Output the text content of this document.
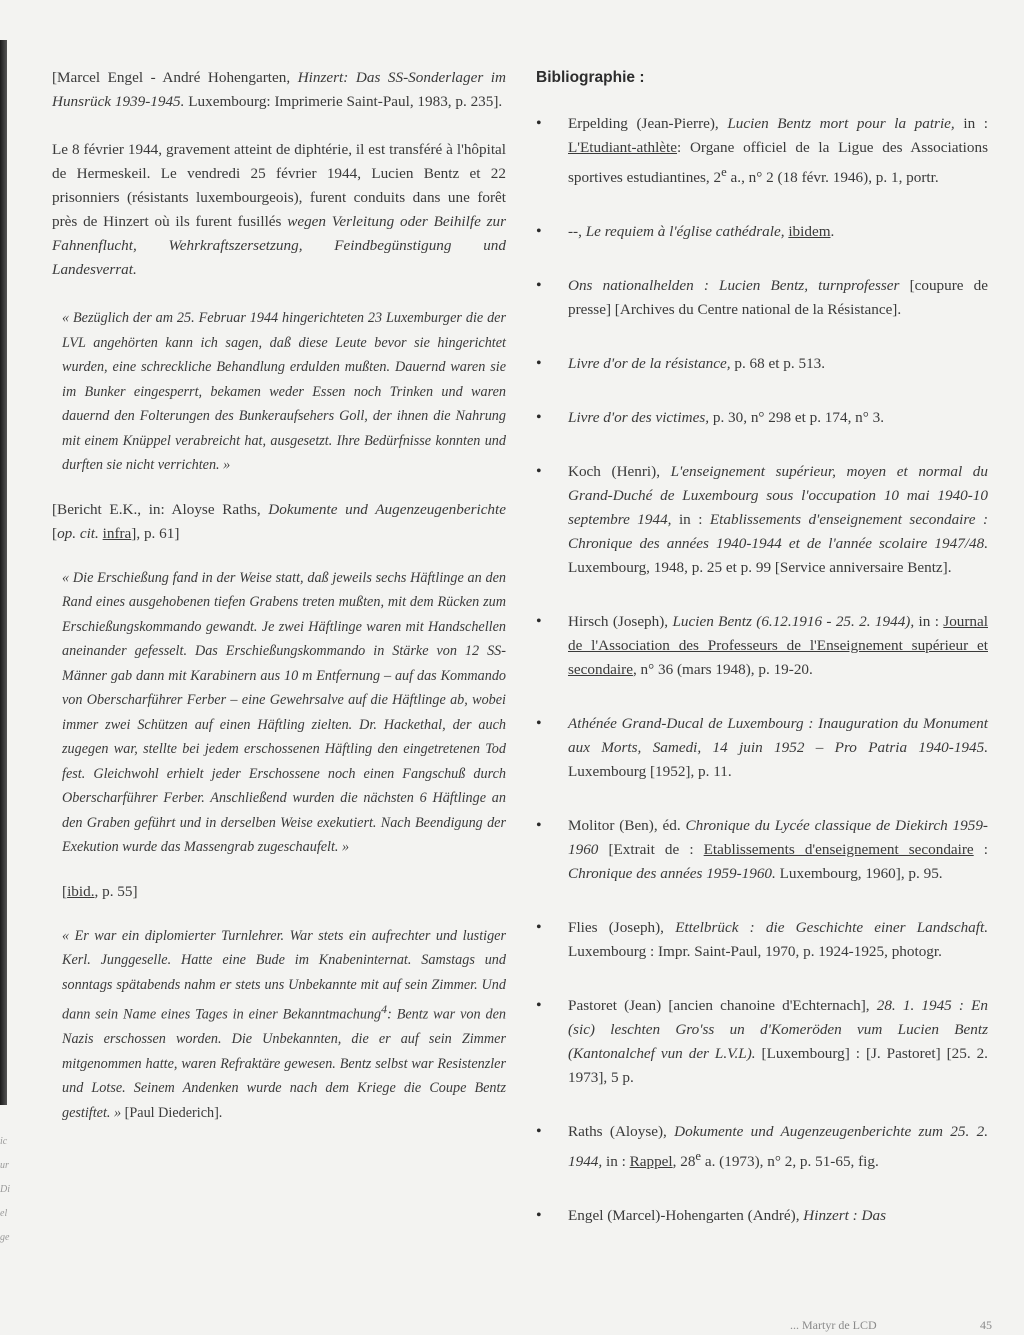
ic
ur
Di
el
ge

[Marcel Engel - André Hohengarten, Hinzert: Das SS-Sonderlager im Hunsrück 1939-1945. Luxembourg: Imprimerie Saint-Paul, 1983, p. 235].

Le 8 février 1944, gravement atteint de diphtérie, il est transféré à l'hôpital de Hermeskeil. Le vendredi 25 février 1944, Lucien Bentz et 22 prisonniers (résistants luxembourgeois), furent conduits dans une forêt près de Hinzert où ils furent fusillés wegen Verleitung oder Beihilfe zur Fahnenflucht, Wehrkraftszersetzung, Feindbegünstigung und Landesverrat.

« Bezüglich der am 25. Februar 1944 hingerichteten 23 Luxemburger die der LVL angehörten kann ich sagen, daß diese Leute bevor sie hingerichtet wurden, eine schreckliche Behandlung erdulden mußten. Dauernd waren sie im Bunker eingesperrt, bekamen weder Essen noch Trinken und waren dauernd den Folterungen des Bunkeraufsehers Goll, der ihnen die Nahrung mit einem Knüppel verabreicht hat, ausgesetzt. Ihre Bedürfnisse konnten und durften sie nicht verrichten. »

[Bericht E.K., in: Aloyse Raths, Dokumente und Augenzeugenberichte [op. cit. infra], p. 61]

« Die Erschießung fand in der Weise statt, daß jeweils sechs Häftlinge an den Rand eines ausgehobenen tiefen Grabens treten mußten, mit dem Rücken zum Erschießungskommando gewandt. Je zwei Häftlinge waren mit Handschellen aneinander gefesselt. Das Erschießungskommando in Stärke von 12 SS-Männer gab dann mit Karabinern aus 10 m Entfernung – auf das Kommando von Oberscharführer Ferber – eine Gewehrsalve auf die Häftlinge ab, wobei immer zwei Schützen auf einen Häftling zielten. Dr. Hackethal, der auch zugegen war, stellte bei jedem erschossenen Häftling den eingetretenen Tod fest. Gleichwohl erhielt jeder Erschossene noch einen Fangschuß durch Oberscharführer Ferber. Anschließend wurden die nächsten 6 Häftlinge an den Graben geführt und in derselben Weise exekutiert. Nach Beendigung der Exekution wurde das Massengrab zugeschaufelt. »

[ibid., p. 55]

« Er war ein diplomierter Turnlehrer. War stets ein aufrechter und lustiger Kerl. Junggeselle. Hatte eine Bude im Knabeninternat. Samstags und sonntags spätabends nahm er stets uns Unbekannte mit auf sein Zimmer. Und dann sein Name eines Tages in einer Bekanntmachung$^4$: Bentz war von den Nazis erschossen worden. Die Unbekannten, die er auf sein Zimmer mitgenommen hatte, waren Refraktäre gewesen. Bentz selbst war Resistenzler und Lotse. Seinem Andenken wurde nach dem Kriege die Coupe Bentz gestiftet. » [Paul Diederich].

Bibliographie :
• Erpelding (Jean-Pierre), Lucien Bentz mort pour la patrie, in : L'Etudiant-athlète: Organe officiel de la Ligue des Associations sportives estudiantines, 2e a., n° 2 (18 févr. 1946), p. 1, portr.
• --, Le requiem à l'église cathédrale, ibidem.
• Ons nationalhelden : Lucien Bentz, turnprofesser [coupure de presse] [Archives du Centre national de la Résistance].
• Livre d'or de la résistance, p. 68 et p. 513.
• Livre d'or des victimes, p. 30, n° 298 et p. 174, n° 3.
• Koch (Henri), L'enseignement supérieur, moyen et normal du Grand-Duché de Luxembourg sous l'occupation 10 mai 1940-10 septembre 1944, in : Etablissements d'enseignement secondaire : Chronique des années 1940-1944 et de l'année scolaire 1947/48. Luxembourg, 1948, p. 25 et p. 99 [Service anniversaire Bentz].
• Hirsch (Joseph), Lucien Bentz (6.12.1916 - 25. 2. 1944), in : Journal de l'Association des Professeurs de l'Enseignement supérieur et secondaire, n° 36 (mars 1948), p. 19-20.
• Athénée Grand-Ducal de Luxembourg : Inauguration du Monument aux Morts, Samedi, 14 juin 1952 – Pro Patria 1940-1945. Luxembourg [1952], p. 11.
• Molitor (Ben), éd. Chronique du Lycée classique de Diekirch 1959-1960 [Extrait de : Etablissements d'enseignement secondaire : Chronique des années 1959-1960. Luxembourg, 1960], p. 95.
• Flies (Joseph), Ettelbrück : die Geschichte einer Landschaft. Luxembourg : Impr. Saint-Paul, 1970, p. 1924-1925, photogr.
• Pastoret (Jean) [ancien chanoine d'Echternach], 28. 1. 1945 : En (sic) leschten Gro'ss un d'Komeröden vum Lucien Bentz (Kantonalchef vun der L.V.L). [Luxembourg] : [J. Pastoret] [25. 2. 1973], 5 p.
• Raths (Aloyse), Dokumente und Augenzeugenberichte zum 25. 2. 1944, in : Rappel, 28e a. (1973), n° 2, p. 51-65, fig.
• Engel (Marcel)-Hohengarten (André), Hinzert : Das
... Martyr de LCD	45
